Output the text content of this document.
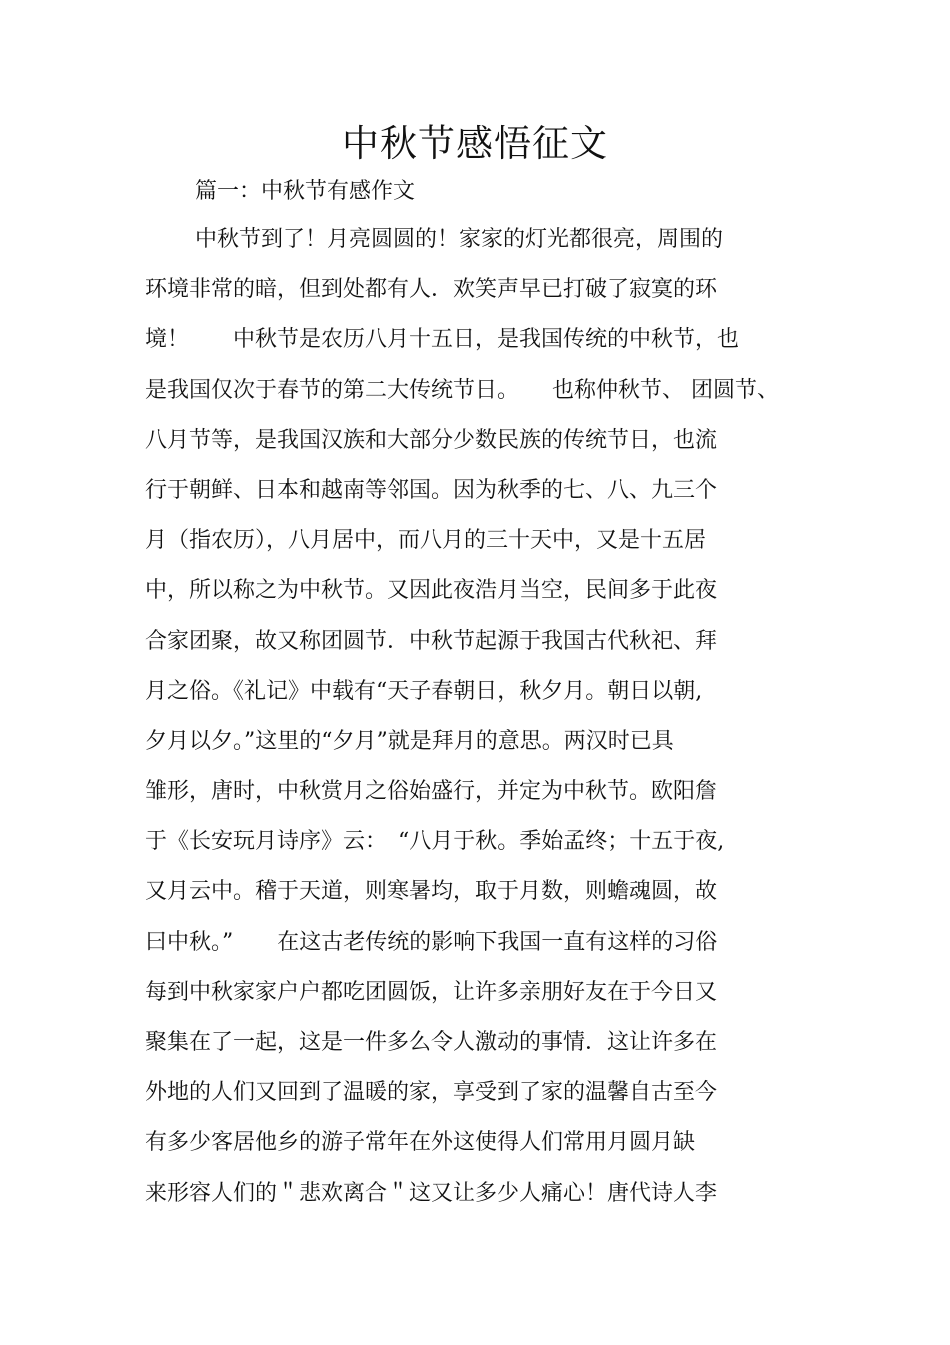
中秋节感悟征文

篇一：中秋节有感作文

中秋节到了！月亮圆圆的！家家的灯光都很亮，周围的
环境非常的暗，但到处都有人．欢笑声早已打破了寂寞的环
境！　　中秋节是农历八月十五日，是我国传统的中秋节，也
是我国仅次于春节的第二大传统节日。　　也称仲秋节、 团圆节、
八月节等，是我国汉族和大部分少数民族的传统节日，也流
行于朝鲜、日本和越南等邻国。因为秋季的七、八、九三个
月（指农历），八月居中，而八月的三十天中，又是十五居
中，所以称之为中秋节。又因此夜浩月当空，民间多于此夜
合家团聚，故又称团圆节．中秋节起源于我国古代秋祀、拜
月之俗。《礼记》中载有“天子春朝日，秋夕月。朝日以朝,
夕月以夕。”这里的“夕月”就是拜月的意思。两汉时已具
雏形，唐时，中秋赏月之俗始盛行，并定为中秋节。欧阳詹
于《长安玩月诗序》云：　“八月于秋。季始孟终；十五于夜,
又月云中。稽于天道，则寒暑均，取于月数，则蟾魂圆，故
曰中秋。”　　在这古老传统的影响下我国一直有这样的习俗
每到中秋家家户户都吃团圆饭，让许多亲朋好友在于今日又
聚集在了一起，这是一件多么令人激动的事情．这让许多在
外地的人们又回到了温暖的家，享受到了家的温馨自古至今
有多少客居他乡的游子常年在外这使得人们常用月圆月缺
来形容人们的＂悲欢离合＂这又让多少人痛心！唐代诗人李
